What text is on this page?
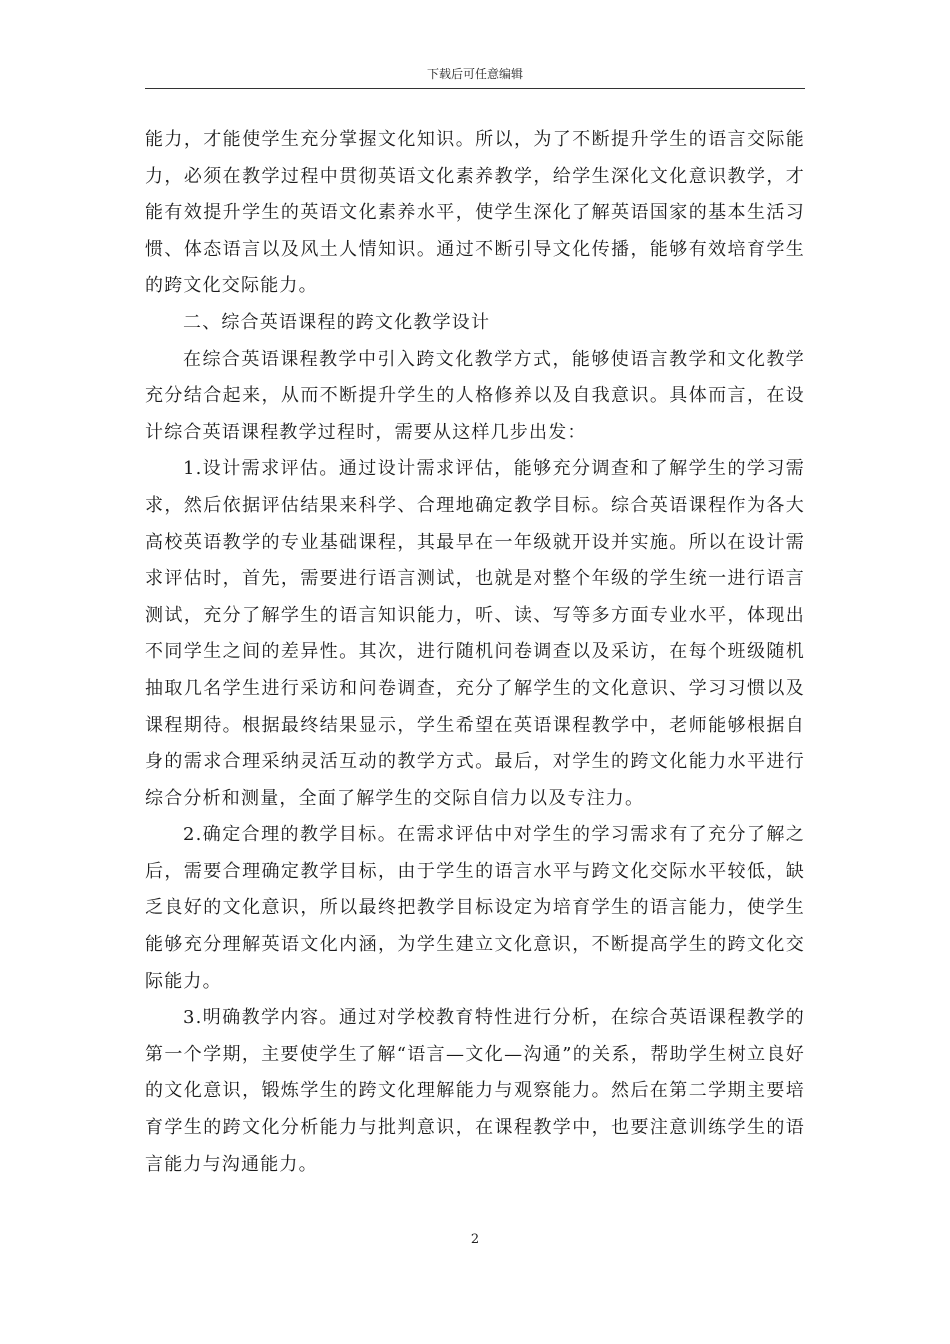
下载后可任意编辑

能力，才能使学生充分掌握文化知识。所以，为了不断提升学生的语言交际能力，必须在教学过程中贯彻英语文化素养教学，给学生深化文化意识教学，才能有效提升学生的英语文化素养水平，使学生深化了解英语国家的基本生活习惯、体态语言以及风土人情知识。通过不断引导文化传播，能够有效培育学生的跨文化交际能力。

二、综合英语课程的跨文化教学设计

在综合英语课程教学中引入跨文化教学方式，能够使语言教学和文化教学充分结合起来，从而不断提升学生的人格修养以及自我意识。具体而言，在设计综合英语课程教学过程时，需要从这样几步出发：

1.设计需求评估。通过设计需求评估，能够充分调查和了解学生的学习需求，然后依据评估结果来科学、合理地确定教学目标。综合英语课程作为各大高校英语教学的专业基础课程，其最早在一年级就开设并实施。所以在设计需求评估时，首先，需要进行语言测试，也就是对整个年级的学生统一进行语言测试，充分了解学生的语言知识能力，听、读、写等多方面专业水平，体现出不同学生之间的差异性。其次，进行随机问卷调查以及采访，在每个班级随机抽取几名学生进行采访和问卷调查，充分了解学生的文化意识、学习习惯以及课程期待。根据最终结果显示，学生希望在英语课程教学中，老师能够根据自身的需求合理采纳灵活互动的教学方式。最后，对学生的跨文化能力水平进行综合分析和测量，全面了解学生的交际自信力以及专注力。

2.确定合理的教学目标。在需求评估中对学生的学习需求有了充分了解之后，需要合理确定教学目标，由于学生的语言水平与跨文化交际水平较低，缺乏良好的文化意识，所以最终把教学目标设定为培育学生的语言能力，使学生能够充分理解英语文化内涵，为学生建立文化意识，不断提高学生的跨文化交际能力。

3.明确教学内容。通过对学校教育特性进行分析，在综合英语课程教学的第一个学期，主要使学生了解“语言—文化—沟通”的关系，帮助学生树立良好的文化意识，锻炼学生的跨文化理解能力与观察能力。然后在第二学期主要培育学生的跨文化分析能力与批判意识，在课程教学中，也要注意训练学生的语言能力与沟通能力。

2
